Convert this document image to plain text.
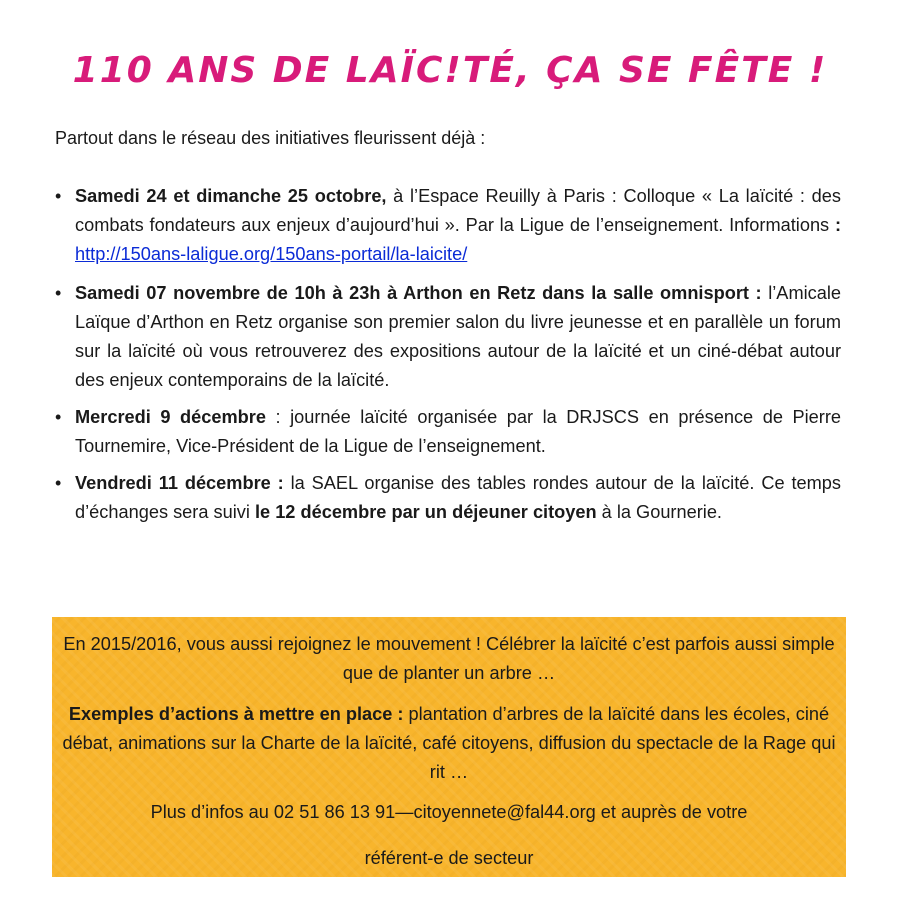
110 ANS DE LAÏC!TÉ, ÇA SE FÊTE !

Partout dans le réseau des initiatives fleurissent déjà :

• Samedi 24 et dimanche 25 octobre, à l’Espace Reuilly à Paris : Colloque « La laïcité : des combats fondateurs aux enjeux d’aujourd’hui ». Par la Ligue de l’enseignement. Informations : http://150ans-laligue.org/150ans-portail/la-laicite/
• Samedi 07 novembre de 10h à 23h à Arthon en Retz dans la salle omnisport : l’Amicale Laïque d’Arthon en Retz organise son premier salon du livre jeunesse et en parallèle un forum sur la laïcité où vous retrouverez des expositions autour de la laïcité et un ciné-débat autour des enjeux contemporains de la laïcité.
• Mercredi 9 décembre : journée laïcité organisée par la DRJSCS en présence de Pierre Tournemire, Vice-Président de la Ligue de l’enseignement.
• Vendredi 11 décembre : la SAEL organise des tables rondes autour de la laïcité. Ce temps d’échanges sera suivi le 12 décembre par un déjeuner citoyen à la Gournerie.

En 2015/2016, vous aussi rejoignez le mouvement ! Célébrer la laïcité c’est parfois aussi simple que de planter un arbre …

Exemples d’actions à mettre en place : plantation d’arbres de la laïcité dans les écoles, ciné débat, animations sur la Charte de la laïcité, café citoyens, diffusion du spectacle de la Rage qui rit …

Plus d’infos au 02 51 86 13 91—citoyennete@fal44.org et auprès de votre

référent-e de secteur
